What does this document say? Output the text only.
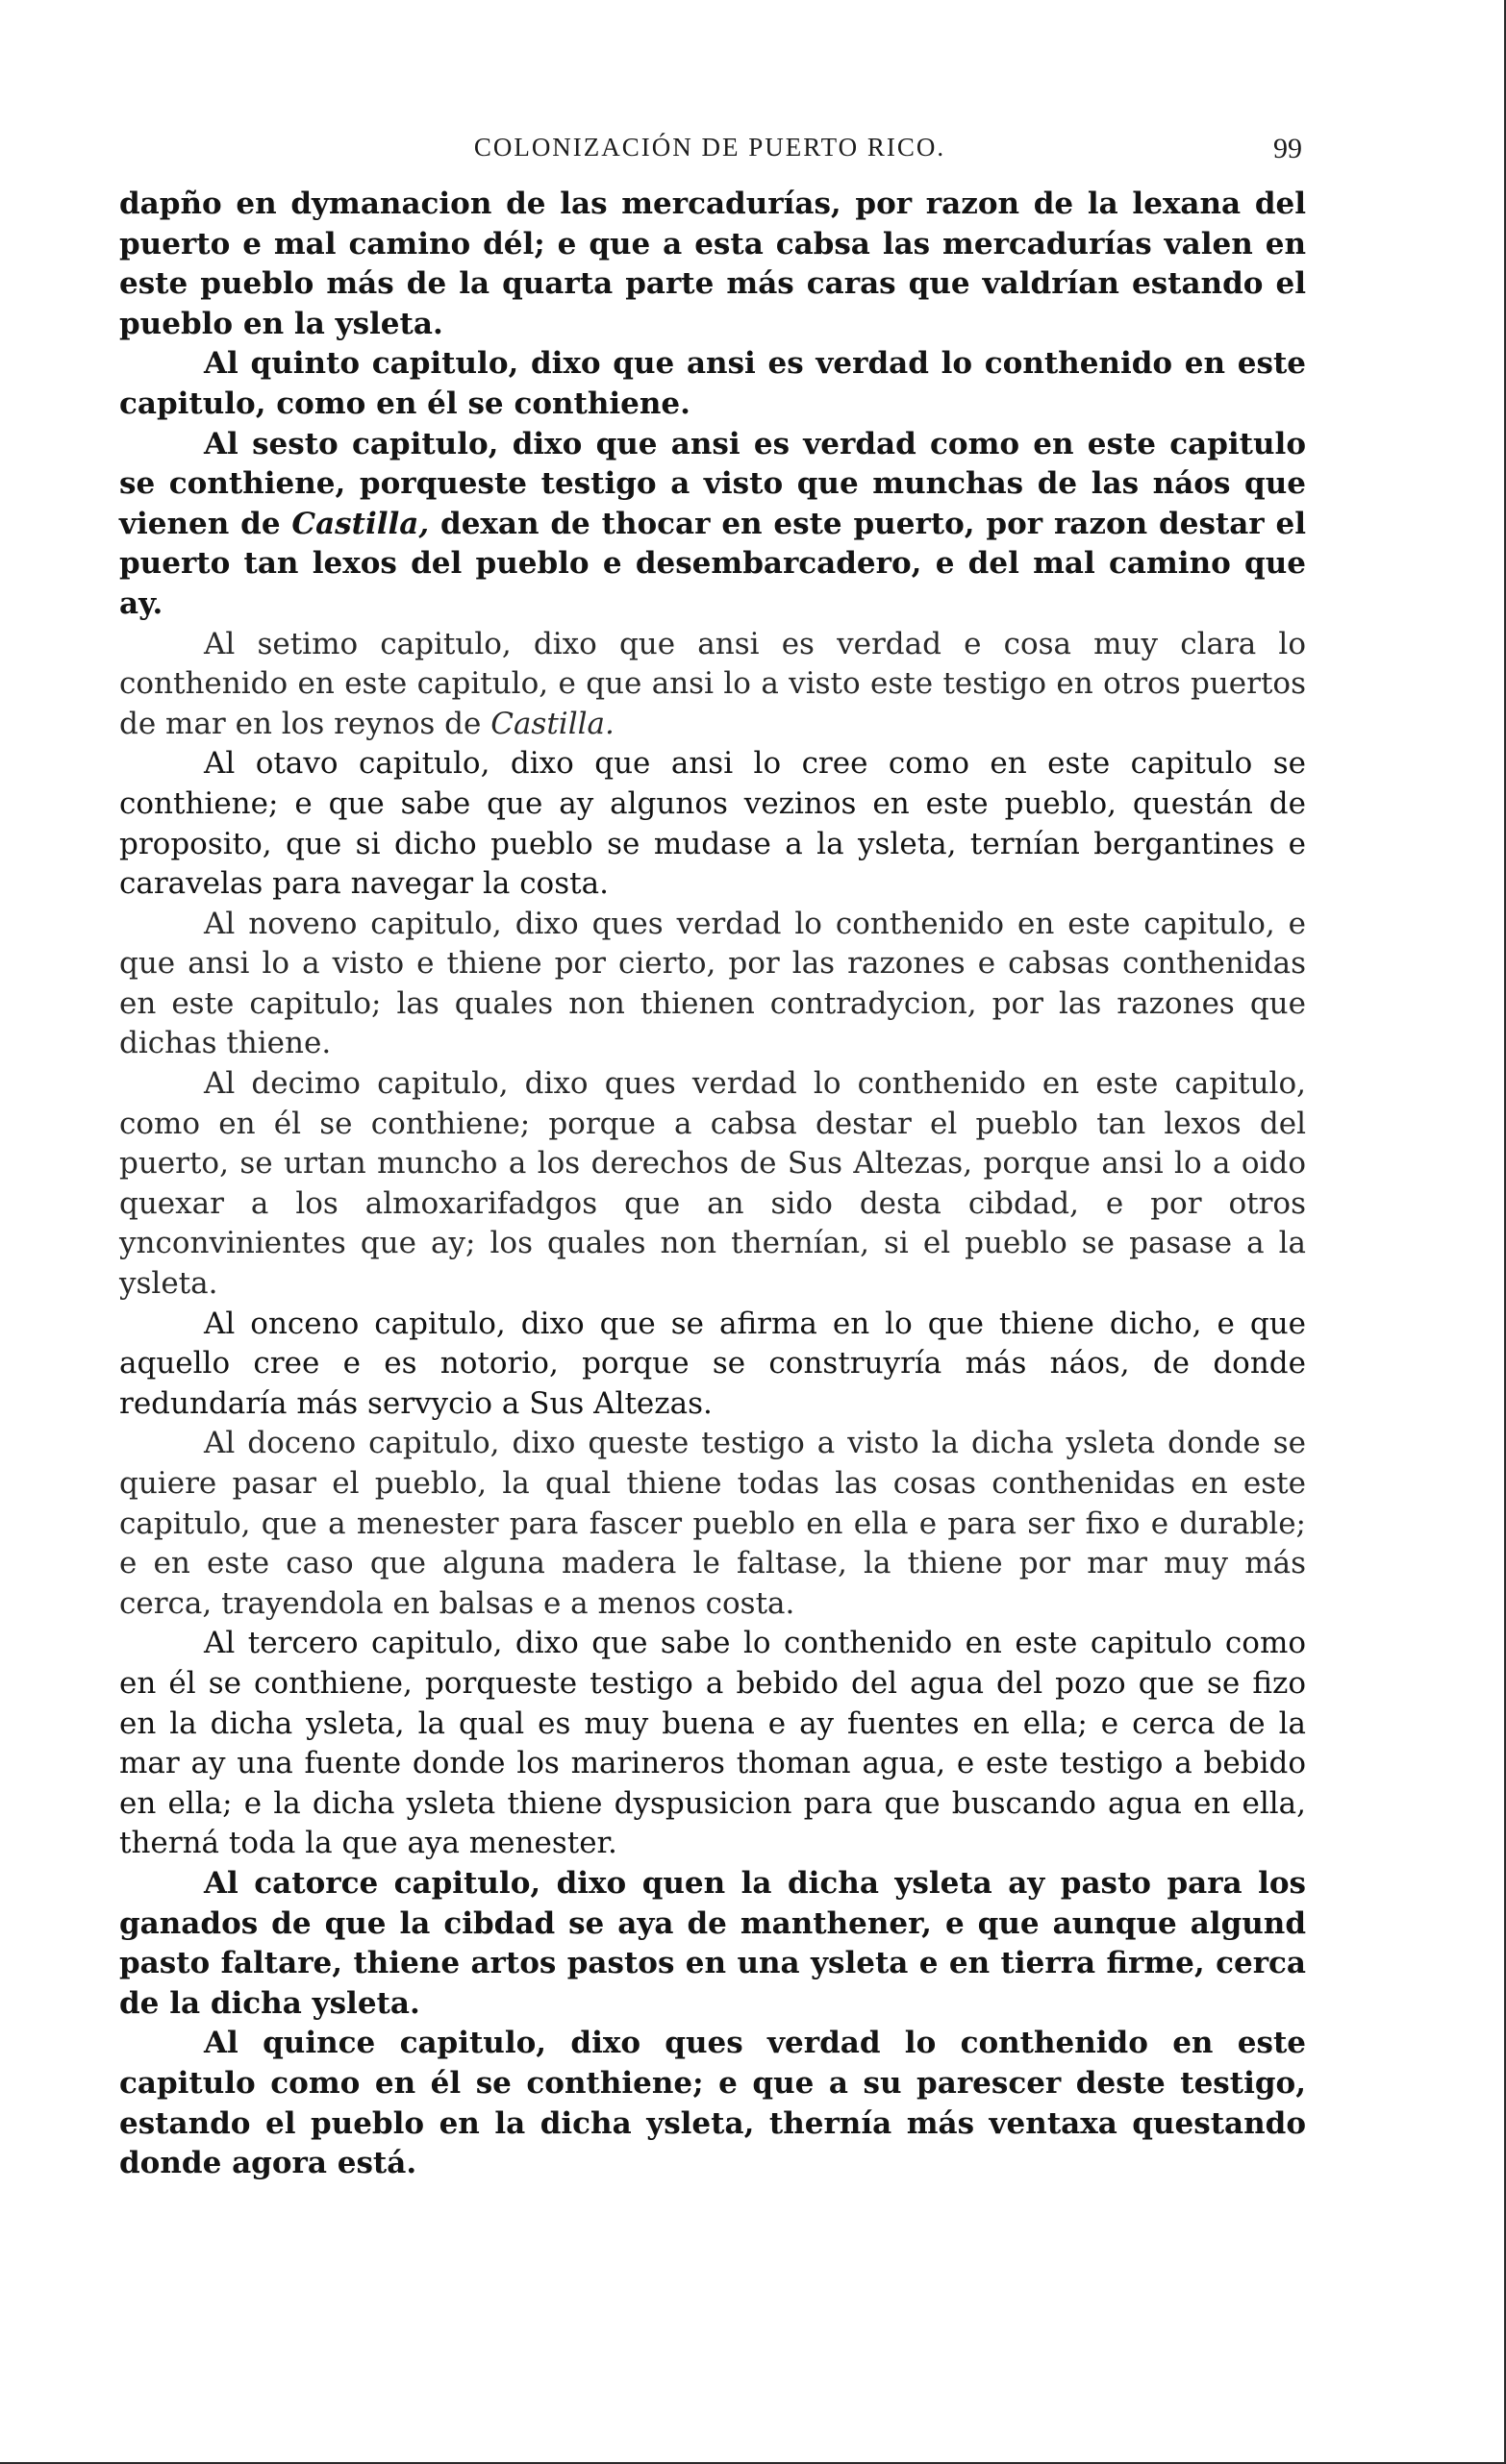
COLONIZACIÓN DE PUERTO RICO.	99

dapño en dymanacion de las mercadurías, por razon de la lexana del puerto e mal camino dél; e que a esta cabsa las mercadurías valen en este pueblo más de la quarta parte más caras que valdrían estando el pueblo en la ysleta.

Al quinto capitulo, dixo que ansi es verdad lo conthenido en este capitulo, como en él se conthiene.

Al sesto capitulo, dixo que ansi es verdad como en este capitulo se conthiene, porqueste testigo a visto que munchas de las náos que vienen de Castilla, dexan de thocar en este puerto, por razon destar el puerto tan lexos del pueblo e desembarcadero, e del mal camino que ay.

Al setimo capitulo, dixo que ansi es verdad e cosa muy clara lo conthenido en este capitulo, e que ansi lo a visto este testigo en otros puertos de mar en los reynos de Castilla.

Al otavo capitulo, dixo que ansi lo cree como en este capitulo se conthiene; e que sabe que ay algunos vezinos en este pueblo, questán de proposito, que si dicho pueblo se mudase a la ysleta, ternían bergantines e caravelas para navegar la costa.

Al noveno capitulo, dixo ques verdad lo conthenido en este capitulo, e que ansi lo a visto e thiene por cierto, por las razones e cabsas conthenidas en este capitulo; las quales non thienen contradycion, por las razones que dichas thiene.

Al decimo capitulo, dixo ques verdad lo conthenido en este capitulo, como en él se conthiene; porque a cabsa destar el pueblo tan lexos del puerto, se urtan muncho a los derechos de Sus Altezas, porque ansi lo a oido quexar a los almoxarifadgos que an sido desta cibdad, e por otros ynconvinientes que ay; los quales non thernían, si el pueblo se pasase a la ysleta.

Al onceno capitulo, dixo que se afirma en lo que thiene dicho, e que aquello cree e es notorio, porque se construyría más náos, de donde redundaría más servycio a Sus Altezas.

Al doceno capitulo, dixo queste testigo a visto la dicha ysleta donde se quiere pasar el pueblo, la qual thiene todas las cosas conthenidas en este capitulo, que a menester para fascer pueblo en ella e para ser fixo e durable; e en este caso que alguna madera le faltase, la thiene por mar muy más cerca, trayendola en balsas e a menos costa.

Al tercero capitulo, dixo que sabe lo conthenido en este capitulo como en él se conthiene, porqueste testigo a bebido del agua del pozo que se fizo en la dicha ysleta, la qual es muy buena e ay fuentes en ella; e cerca de la mar ay una fuente donde los marineros thoman agua, e este testigo a bebido en ella; e la dicha ysleta thiene dyspusicion para que buscando agua en ella, therná toda la que aya menester.

Al catorce capitulo, dixo quen la dicha ysleta ay pasto para los ganados de que la cibdad se aya de manthener, e que aunque algund pasto faltare, thiene artos pastos en una ysleta e en tierra firme, cerca de la dicha ysleta.

Al quince capitulo, dixo ques verdad lo conthenido en este capitulo como en él se conthiene; e que a su parescer deste testigo, estando el pueblo en la dicha ysleta, thernía más ventaxa questando donde agora está.
